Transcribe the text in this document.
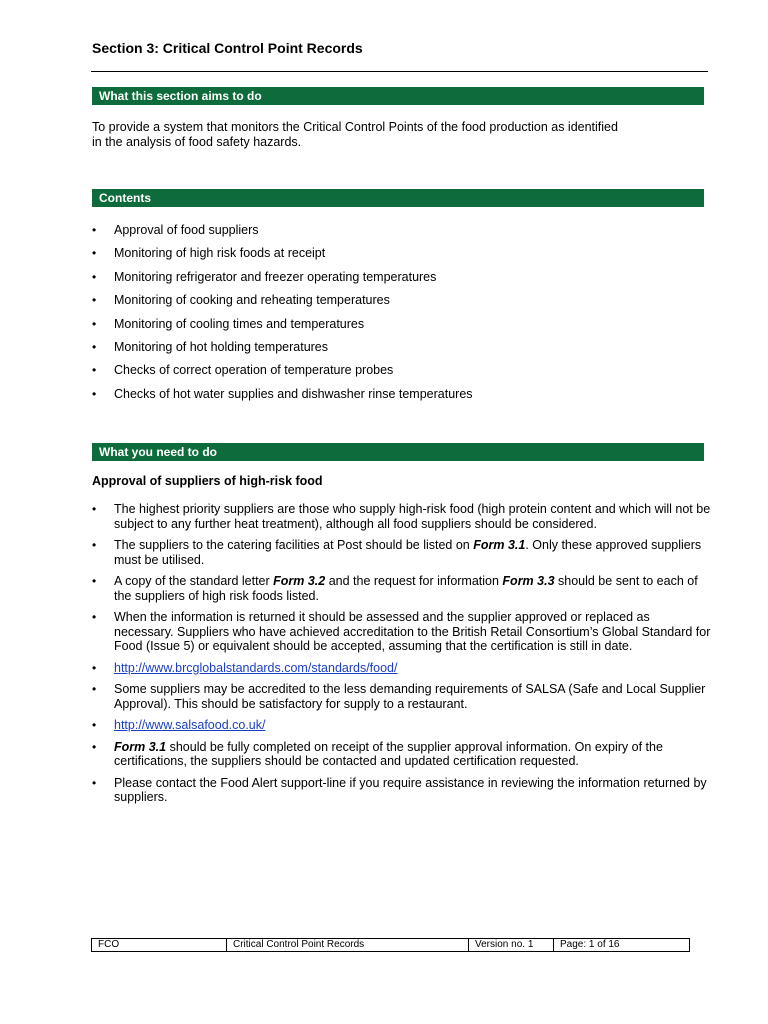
Section 3: Critical Control Point Records
What this section aims to do
To provide a system that monitors the Critical Control Points of the food production as identified
in the analysis of food safety hazards.
Contents
• Approval of food suppliers
• Monitoring of high risk foods at receipt
• Monitoring refrigerator and freezer operating temperatures
• Monitoring of cooking and reheating temperatures
• Monitoring of cooling times and temperatures
• Monitoring of hot holding temperatures
• Checks of correct operation of temperature probes
• Checks of hot water supplies and dishwasher rinse temperatures
What you need to do
Approval of suppliers of high-risk food
• The highest priority suppliers are those who supply high-risk food (high protein content and which will not be subject to any further heat treatment), although all food suppliers should be considered.
• The suppliers to the catering facilities at Post should be listed on Form 3.1. Only these approved suppliers must be utilised.
• A copy of the standard letter Form 3.2 and the request for information Form 3.3 should be sent to each of the suppliers of high risk foods listed.
• When the information is returned it should be assessed and the supplier approved or replaced as necessary. Suppliers who have achieved accreditation to the British Retail Consortium’s Global Standard for Food (Issue 5) or equivalent should be accepted, assuming that the certification is still in date.
• http://www.brcglobalstandards.com/standards/food/
• Some suppliers may be accredited to the less demanding requirements of SALSA (Safe and Local Supplier Approval). This should be satisfactory for supply to a restaurant.
• http://www.salsafood.co.uk/
• Form 3.1 should be fully completed on receipt of the supplier approval information. On expiry of the certifications, the suppliers should be contacted and updated certification requested.
• Please contact the Food Alert support-line if you require assistance in reviewing the information returned by suppliers.
FCO	Critical Control Point Records	Version no. 1	Page: 1 of 16
